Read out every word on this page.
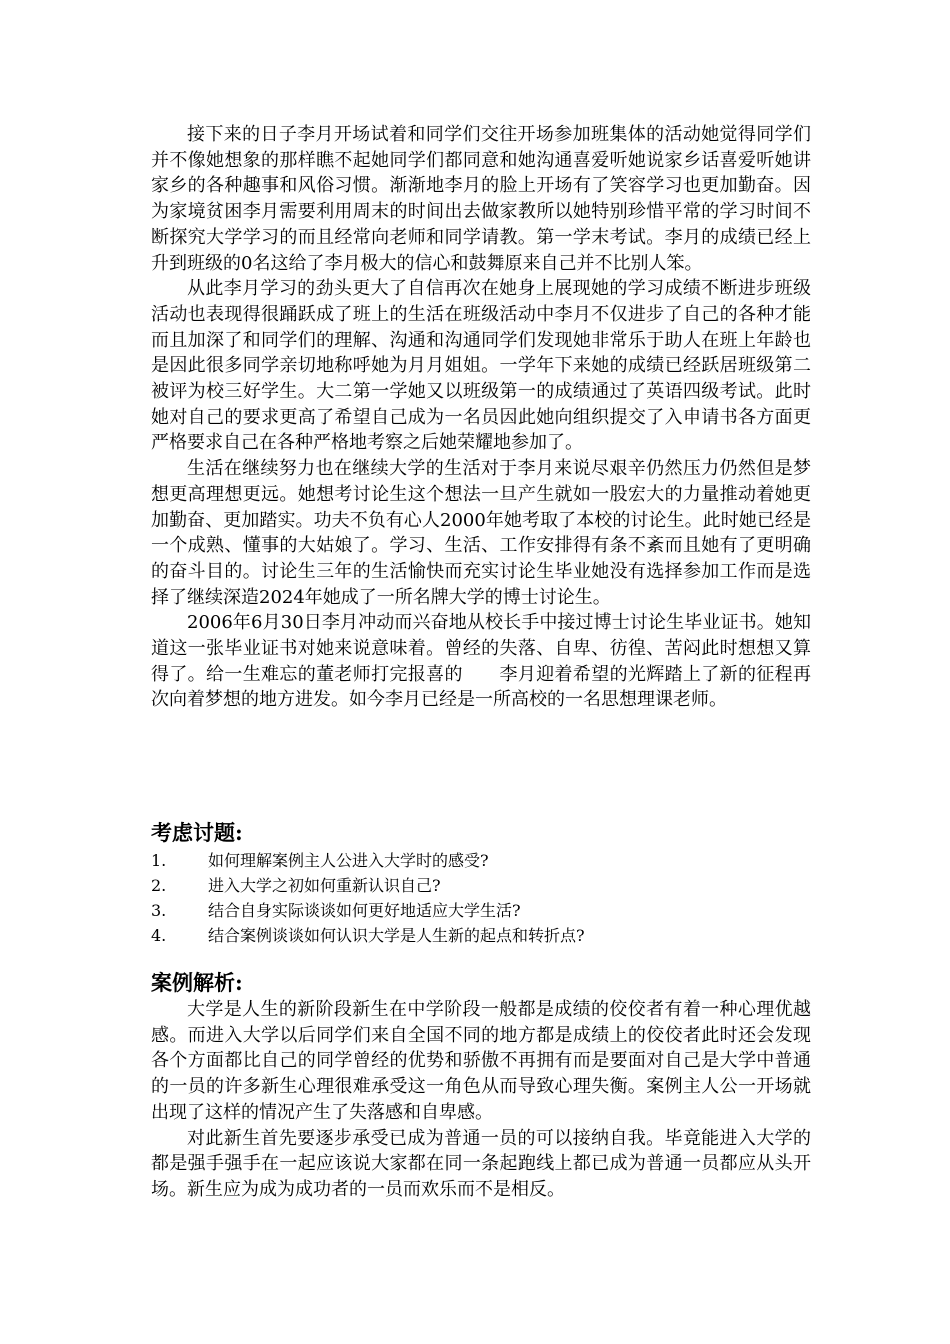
接下来的日子李月开场试着和同学们交往开场参加班集体的活动她觉得同学们并不像她想象的那样瞧不起她同学们都同意和她沟通喜爱听她说家乡话喜爱听她讲家乡的各种趣事和风俗习惯。渐渐地李月的脸上开场有了笑容学习也更加勤奋。因为家境贫困李月需要利用周末的时间出去做家教所以她特别珍惜平常的学习时间不断探究大学学习的而且经常向老师和同学请教。第一学末考试。李月的成绩已经上升到班级的0名这给了李月极大的信心和鼓舞原来自己并不比别人笨。

从此李月学习的劲头更大了自信再次在她身上展现她的学习成绩不断进步班级活动也表现得很踊跃成了班上的生活在班级活动中李月不仅进步了自己的各种才能而且加深了和同学们的理解、沟通和沟通同学们发现她非常乐于助人在班上年龄也是因此很多同学亲切地称呼她为月月姐姐。一学年下来她的成绩已经跃居班级第二被评为校三好学生。大二第一学她又以班级第一的成绩通过了英语四级考试。此时她对自己的要求更高了希望自己成为一名员因此她向组织提交了入申请书各方面更严格要求自己在各种严格地考察之后她荣耀地参加了。

生活在继续努力也在继续大学的生活对于李月来说尽艰辛仍然压力仍然但是梦想更高理想更远。她想考讨论生这个想法一旦产生就如一股宏大的力量推动着她更加勤奋、更加踏实。功夫不负有心人2000年她考取了本校的讨论生。此时她已经是一个成熟、懂事的大姑娘了。学习、生活、工作安排得有条不紊而且她有了更明确的奋斗目的。讨论生三年的生活愉快而充实讨论生毕业她没有选择参加工作而是选择了继续深造2024年她成了一所名牌大学的博士讨论生。

2006年6月30日李月冲动而兴奋地从校长手中接过博士讨论生毕业证书。她知道这一张毕业证书对她来说意味着。曾经的失落、自卑、彷徨、苦闷此时想想又算得了。给一生难忘的董老师打完报喜的　　李月迎着希望的光辉踏上了新的征程再次向着梦想的地方进发。如今李月已经是一所高校的一名思想理课老师。

考虑讨题:
1.	如何理解案例主人公进入大学时的感受?
2.	进入大学之初如何重新认识自己?
3.	结合自身实际谈谈如何更好地适应大学生活?
4.	结合案例谈谈如何认识大学是人生新的起点和转折点?
案例解析:

大学是人生的新阶段新生在中学阶段一般都是成绩的佼佼者有着一种心理优越感。而进入大学以后同学们来自全国不同的地方都是成绩上的佼佼者此时还会发现各个方面都比自己的同学曾经的优势和骄傲不再拥有而是要面对自己是大学中普通的一员的许多新生心理很难承受这一角色从而导致心理失衡。案例主人公一开场就出现了这样的情况产生了失落感和自卑感。

对此新生首先要逐步承受已成为普通一员的可以接纳自我。毕竟能进入大学的都是强手强手在一起应该说大家都在同一条起跑线上都已成为普通一员都应从头开场。新生应为成为成功者的一员而欢乐而不是相反。
